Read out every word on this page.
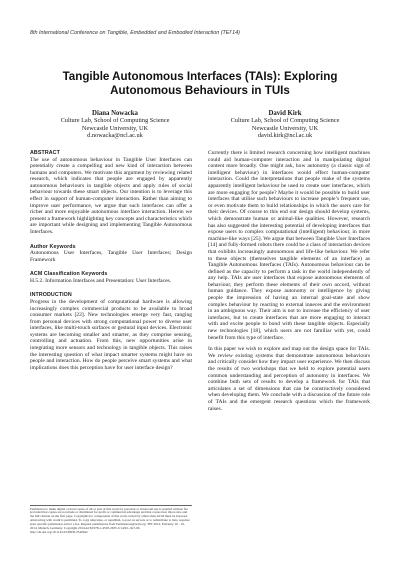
8th International Conference on Tangible, Embedded and Embodied Interaction (TEI’14)
Tangible Autonomous Interfaces (TAIs): Exploring Autonomous Behaviours in TUIs
Diana Nowacka
Culture Lab, School of Computing Science
Newcastle University, UK
d.nowacka@ncl.ac.uk
David Kirk
Culture Lab, School of Computing Science
Newcastle University, UK
david.kirk@ncl.ac.uk
ABSTRACT

The use of autonomous behaviour in Tangible User Interfaces can potentially create a compelling and new kind of interaction between humans and computers. We motivate this argument by reviewing related research, which indicates that people are engaged by apparently autonomous behaviours in tangible objects and apply rules of social behaviour towards these smart objects. Our intention is to leverage this effect in support of human-computer interaction. Rather than aiming to improve user performance, we argue that such interfaces can offer a richer and more enjoyable autonomous interface interaction. Herein we present a framework highlighting key concepts and characteristics which are important while designing and implementing Tangible Autonomous Interfaces.

Author Keywords

Autonomous User Interfaces, Tangible User Interfaces; Design Framework

ACM Classification Keywords

H.5.2. Information Interfaces and Presentation: User Interfaces.

INTRODUCTION

Progress in the development of computational hardware is allowing increasingly complex commercial products to be available to broad consumer markets [22]. New technologies emerge very fast, ranging from personal devices with strong computational power to diverse user interfaces, like multi-touch surfaces or gestural input devices. Electronic systems are becoming smaller and smarter, as they comprise sensing, controlling and actuation. From this, new opportunities arise in integrating more sensors and technology in tangible objects. This raises the interesting question of what impact smarter systems might have on people and interaction. How do people perceive smart systems and what implications does this perception have for user interface design?

Permission to make digital or hard copies of all or part of this work for personal or classroom use is granted without fee provided that copies are not made or distributed for profit or commercial advantage and that copies bear this notice and the full citation on the first page. Copyrights for components of this work owned by others than ACM must be honored. Abstracting with credit is permitted. To copy otherwise, or republish, to post on servers or to redistribute to lists, requires prior specific permission and/or a fee. Request permissions from Permissions@acm.org. TEI’2014, February 16 - 19, 2014, Munich, Germany. Copyright 2014 ACM 978-1-4503-2635-3/14/02...$15.00. http://dx.doi.org/10.1145/2540930.2540942

Currently there is limited research concerning how intelligent machines could aid human-computer interaction and in manipulating digital content more broadly. One might ask, how autonomy (a classic sign of intelligent behaviour) in interfaces would effect human-computer interaction. Could the interpretations that people make of the systems apparently intelligent behaviour be used to create user interfaces, which are more engaging for people? Maybe it would be possible to build user interfaces that utilise such behaviours to increase people’s frequent use, or even motivate them to build relationships in which the users care for their devices. Of course to this end our design should develop systems, which demonstrate human or animal-like qualities. However, research has also suggested the interesting potential of developing interfaces that expose users to complex computational (intelligent) behaviour, in more machine-like ways [25]. We argue that between Tangible User Interfaces [14] and fully-formed robots there could be a class of interaction devices that exhibits increasingly autonomous and life-like behaviour. We refer to these objects (themselves tangible elements of an interface) as Tangible Autonomous Interfaces (TAIs). Autonomous behaviour can be defined as the capacity to perform a task in the world independently of any help. TAIs are user interfaces that expose autonomous elements of behaviour, they perform these elements of their own accord, without human guidance. They expose autonomy or intelligence by giving people the impression of having an internal goal-state and show complex behaviour by reacting to external inneces and the environment in an ambiguous way. Their aim is not to increase the efficiency of user interfaces, but to create interfaces that are more engaging to interact with and excite people to bond with these tangible objects. Especially new technologies [18], which users are not familiar with yet, could benefit from this type of interface.

In this paper we wish to explore and map out the design space for TAIs. We review existing systems that demonstrate autonomous behaviours and critically consider how they impact user experience. We then discuss the results of two workshops that we held to explore potential users common understanding and perception of autonomy in interfaces. We combine both sets of results to develop a framework for TAIs that articulates a set of dimensions that can be constructively considered when developing them. We conclude with a discussion of the future role of TAIs and the emergent research questions which the framework raises.
